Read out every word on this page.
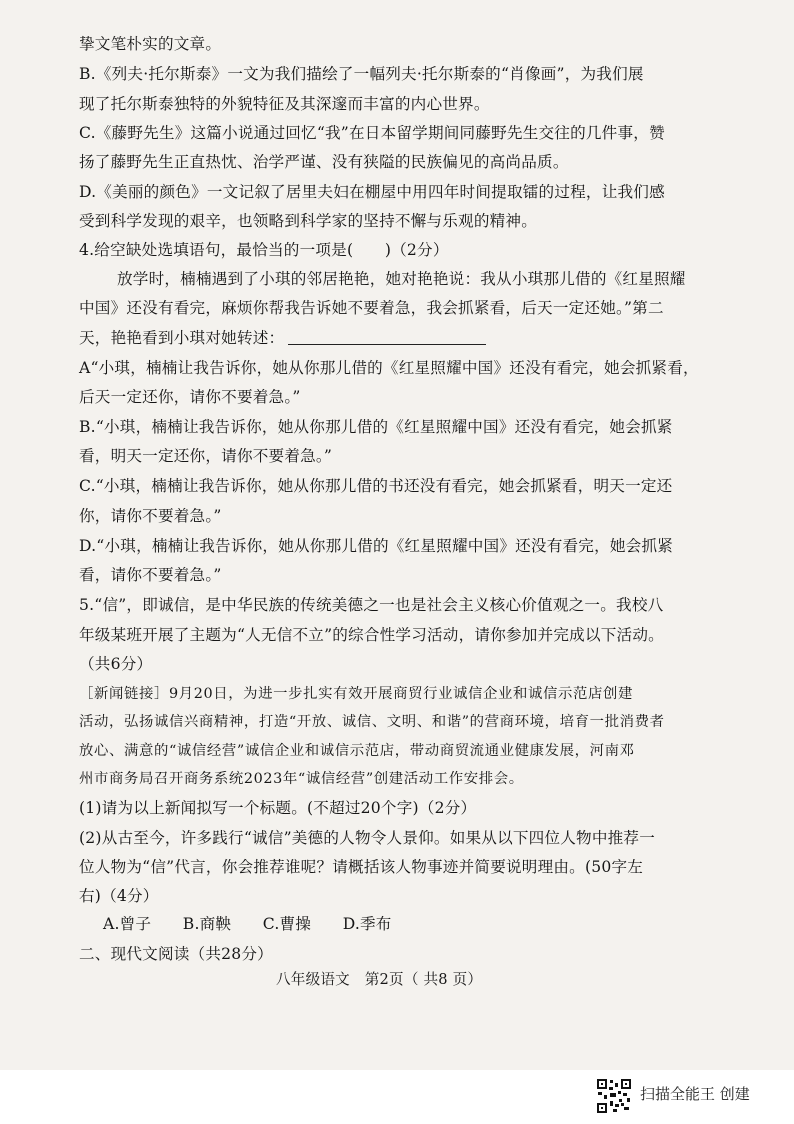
挚文笔朴实的文章。
B.《列夫·托尔斯泰》一文为我们描绘了一幅列夫·托尔斯泰的“肖像画”，为我们展
现了托尔斯泰独特的外貌特征及其深邃而丰富的内心世界。
C.《藤野先生》这篇小说通过回忆“我”在日本留学期间同藤野先生交往的几件事，赞
扬了藤野先生正直热忱、治学严谨、没有狭隘的民族偏见的高尚品质。
D.《美丽的颜色》一文记叙了居里夫妇在棚屋中用四年时间提取镭的过程，让我们感
受到科学发现的艰辛，也领略到科学家的坚持不懈与乐观的精神。
4.给空缺处选填语句，最恰当的一项是(　　)（2分）
放学时，楠楠遇到了小琪的邻居艳艳，她对艳艳说：我从小琪那儿借的《红星照耀
中国》还没有看完，麻烦你帮我告诉她不要着急，我会抓紧看，后天一定还她。”第二
天，艳艳看到小琪对她转述：
A“小琪，楠楠让我告诉你，她从你那儿借的《红星照耀中国》还没有看完，她会抓紧看，
后天一定还你，请你不要着急。”
B.“小琪，楠楠让我告诉你，她从你那儿借的《红星照耀中国》还没有看完，她会抓紧
看，明天一定还你，请你不要着急。”
C.“小琪，楠楠让我告诉你，她从你那儿借的书还没有看完，她会抓紧看，明天一定还
你，请你不要着急。”
D.“小琪，楠楠让我告诉你，她从你那儿借的《红星照耀中国》还没有看完，她会抓紧
看，请你不要着急。”
5.“信”，即诚信，是中华民族的传统美德之一也是社会主义核心价值观之一。我校八
年级某班开展了主题为“人无信不立”的综合性学习活动，请你参加并完成以下活动。
（共6分）
［新闻链接］9月20日，为进一步扎实有效开展商贸行业诚信企业和诚信示范店创建
活动，弘扬诚信兴商精神，打造“开放、诚信、文明、和谐”的营商环境，培育一批消费者
放心、满意的“诚信经营”诚信企业和诚信示范店，带动商贸流通业健康发展，河南邓
州市商务局召开商务系统2023年“诚信经营”创建活动工作安排会。
(1)请为以上新闻拟写一个标题。(不超过20个字)（2分）
(2)从古至今，许多践行“诚信”美德的人物令人景仰。如果从以下四位人物中推荐一
位人物为“信”代言，你会推荐谁呢？请概括该人物事迹并简要说明理由。(50字左
右)（4分）
A.曾子　　B.商鞅　　C.曹操　　D.季布
二、现代文阅读（共28分）
八年级语文　第2页（ 共8 页）
扫描全能王 创建
